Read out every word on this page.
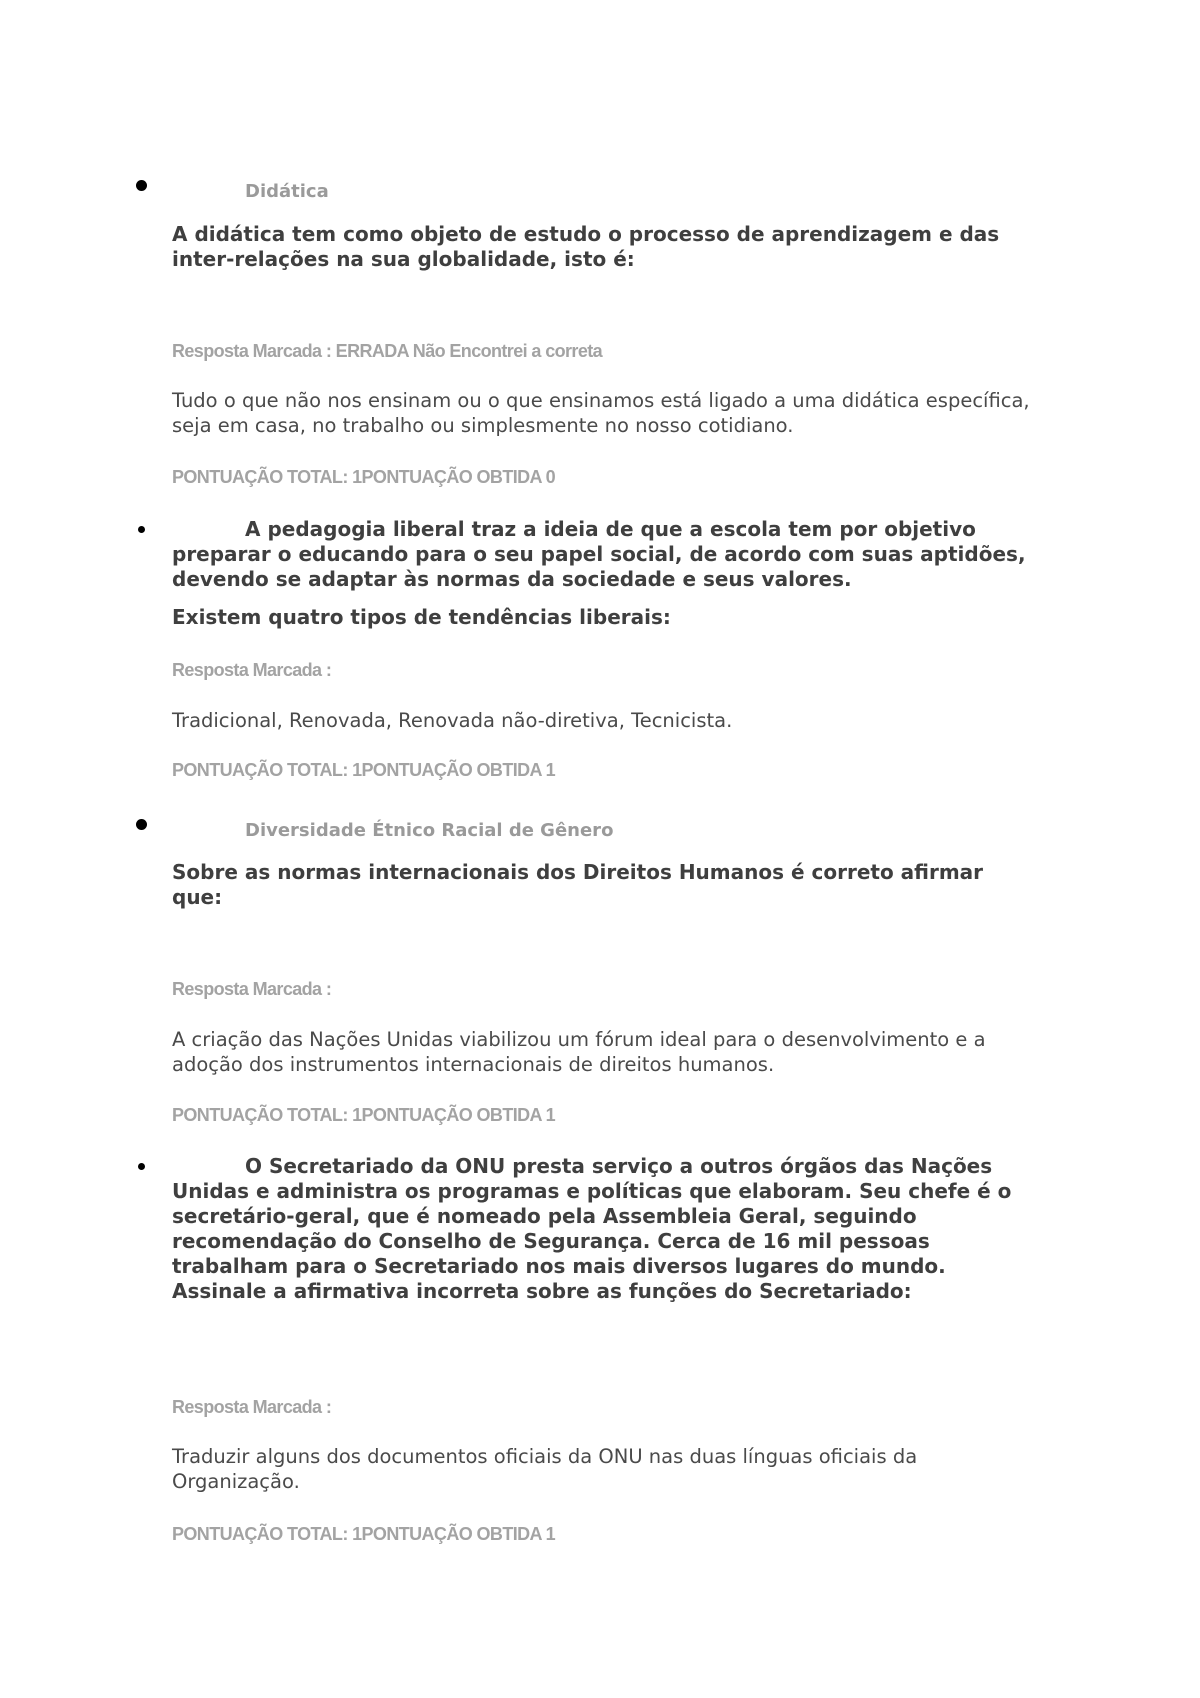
Didática
A didática tem como objeto de estudo o processo de aprendizagem e das inter-relações na sua globalidade, isto é:
Resposta Marcada : ERRADA Não Encontrei a correta
Tudo o que não nos ensinam ou o que ensinamos está ligado a uma didática específica, seja em casa, no trabalho ou simplesmente no nosso cotidiano.
PONTUAÇÃO TOTAL: 1PONTUAÇÃO OBTIDA 0
A pedagogia liberal traz a ideia de que a escola tem por objetivo preparar o educando para o seu papel social, de acordo com suas aptidões, devendo se adaptar às normas da sociedade e seus valores.
Existem quatro tipos de tendências liberais:
Resposta Marcada :
Tradicional, Renovada, Renovada não-diretiva, Tecnicista.
PONTUAÇÃO TOTAL: 1PONTUAÇÃO OBTIDA 1
Diversidade Étnico Racial de Gênero
Sobre as normas internacionais dos Direitos Humanos é correto afirmar que:
Resposta Marcada :
A criação das Nações Unidas viabilizou um fórum ideal para o desenvolvimento e a adoção dos instrumentos internacionais de direitos humanos.
PONTUAÇÃO TOTAL: 1PONTUAÇÃO OBTIDA 1
O Secretariado da ONU presta serviço a outros órgãos das Nações Unidas e administra os programas e políticas que elaboram. Seu chefe é o secretário-geral, que é nomeado pela Assembleia Geral, seguindo recomendação do Conselho de Segurança. Cerca de 16 mil pessoas trabalham para o Secretariado nos mais diversos lugares do mundo. Assinale a afirmativa incorreta sobre as funções do Secretariado:
Resposta Marcada :
Traduzir alguns dos documentos oficiais da ONU nas duas línguas oficiais da Organização.
PONTUAÇÃO TOTAL: 1PONTUAÇÃO OBTIDA 1
